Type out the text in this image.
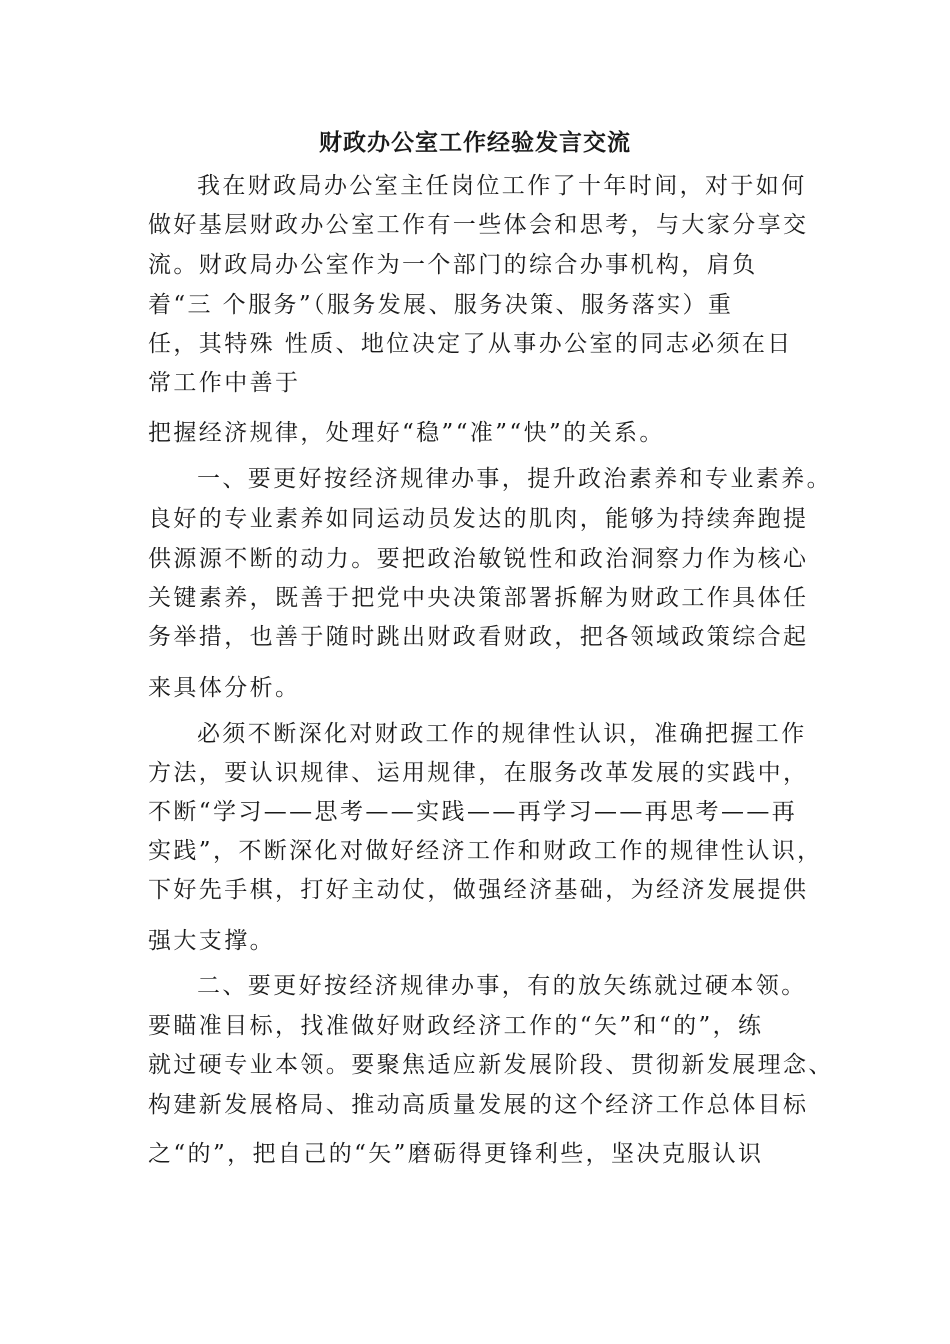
财政办公室工作经验发言交流
我在财政局办公室主任岗位工作了十年时间，对于如何
做好基层财政办公室工作有一些体会和思考，与大家分享交
流。财政局办公室作为一个部门的综合办事机构，肩负
着“三 个服务”（服务发展、服务决策、服务落实）重
任，其特殊 性质、地位决定了从事办公室的同志必须在日
常工作中善于
把握经济规律，处理好“稳”“准”“快”的关系。
一、要更好按经济规律办事，提升政治素养和专业素养。
良好的专业素养如同运动员发达的肌肉，能够为持续奔跑提
供源源不断的动力。要把政治敏锐性和政治洞察力作为核心
关键素养，既善于把党中央决策部署拆解为财政工作具体任
务举措，也善于随时跳出财政看财政，把各领域政策综合起
来具体分析。
必须不断深化对财政工作的规律性认识，准确把握工作
方法，要认识规律、运用规律，在服务改革发展的实践中，
不断“学习——思考——实践——再学习——再思考——再
实践”，不断深化对做好经济工作和财政工作的规律性认识，
下好先手棋，打好主动仗，做强经济基础，为经济发展提供
强大支撑。
二、要更好按经济规律办事，有的放矢练就过硬本领。
要瞄准目标，找准做好财政经济工作的“矢”和“的”，练
就过硬专业本领。要聚焦适应新发展阶段、贯彻新发展理念、
构建新发展格局、推动高质量发展的这个经济工作总体目标
之“的”，把自己的“矢”磨砺得更锋利些，坚决克服认识
